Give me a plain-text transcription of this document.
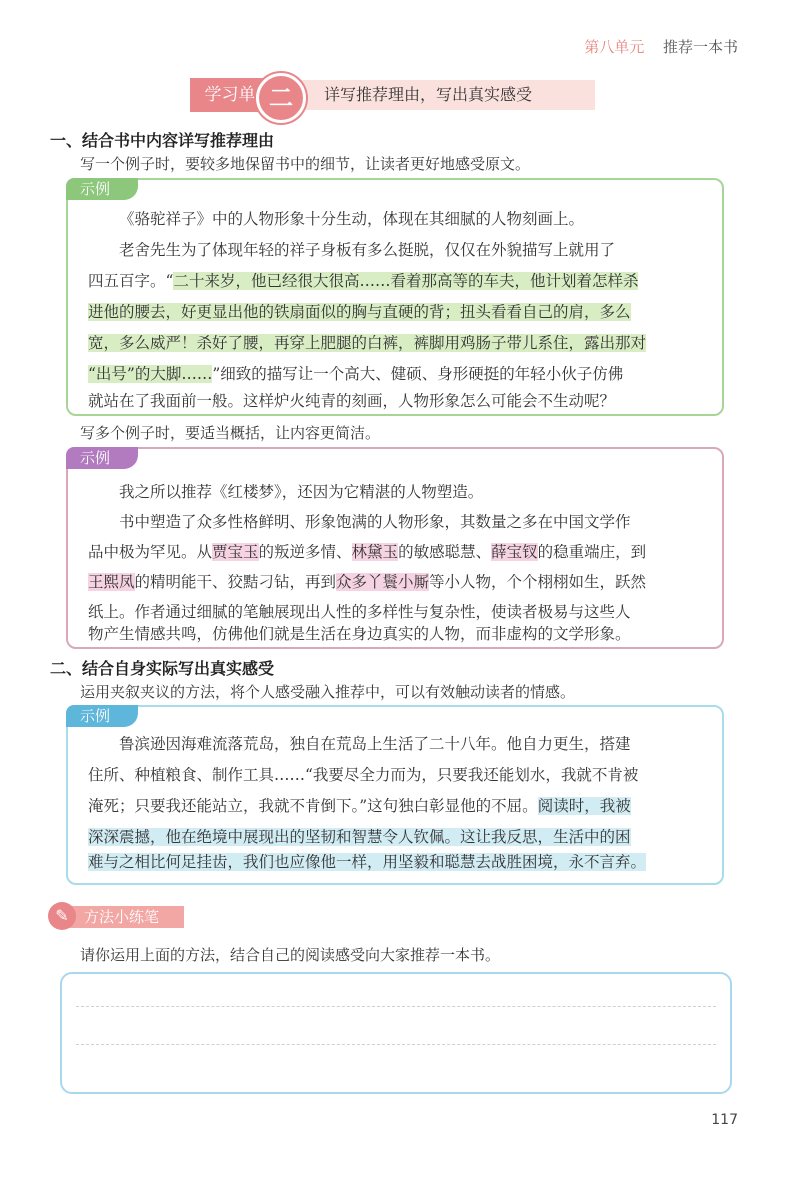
第八单元 推荐一本书
详写推荐理由，写出真实感受
学习单 二
一、结合书中内容详写推荐理由
写一个例子时，要较多地保留书中的细节，让读者更好地感受原文。
示例
《骆驼祥子》中的人物形象十分生动，体现在其细腻的人物刻画上。
老舍先生为了体现年轻的祥子身板有多么挺脱，仅仅在外貌描写上就用了
四五百字。“二十来岁，他已经很大很高……看着那高等的车夫，他计划着怎样杀
进他的腰去，好更显出他的铁扇面似的胸与直硬的背；扭头看看自己的肩，多么
宽，多么威严！杀好了腰，再穿上肥腿的白裤，裤脚用鸡肠子带儿系住，露出那对
“出号”的大脚……”细致的描写让一个高大、健硕、身形硬挺的年轻小伙子仿佛
就站在了我面前一般。这样炉火纯青的刻画，人物形象怎么可能会不生动呢？
写多个例子时，要适当概括，让内容更简洁。
示例
我之所以推荐《红楼梦》，还因为它精湛的人物塑造。
书中塑造了众多性格鲜明、形象饱满的人物形象，其数量之多在中国文学作
品中极为罕见。从贾宝玉的叛逆多情、林黛玉的敏感聪慧、薛宝钗的稳重端庄，到
王熙凤的精明能干、狡黠刁钻，再到众多丫鬟小厮等小人物，个个栩栩如生，跃然
纸上。作者通过细腻的笔触展现出人性的多样性与复杂性，使读者极易与这些人
物产生情感共鸣，仿佛他们就是生活在身边真实的人物，而非虚构的文学形象。
二、结合自身实际写出真实感受
运用夹叙夹议的方法，将个人感受融入推荐中，可以有效触动读者的情感。
示例
鲁滨逊因海难流落荒岛，独自在荒岛上生活了二十八年。他自力更生，搭建
住所、种植粮食、制作工具……“我要尽全力而为，只要我还能划水，我就不肯被
淹死；只要我还能站立，我就不肯倒下。”这句独白彰显他的不屈。阅读时，我被
深深震撼，他在绝境中展现出的坚韧和智慧令人钦佩。这让我反思，生活中的困
难与之相比何足挂齿，我们也应像他一样，用坚毅和聪慧去战胜困境，永不言弃。
方法小练笔
✎
请你运用上面的方法，结合自己的阅读感受向大家推荐一本书。
117
